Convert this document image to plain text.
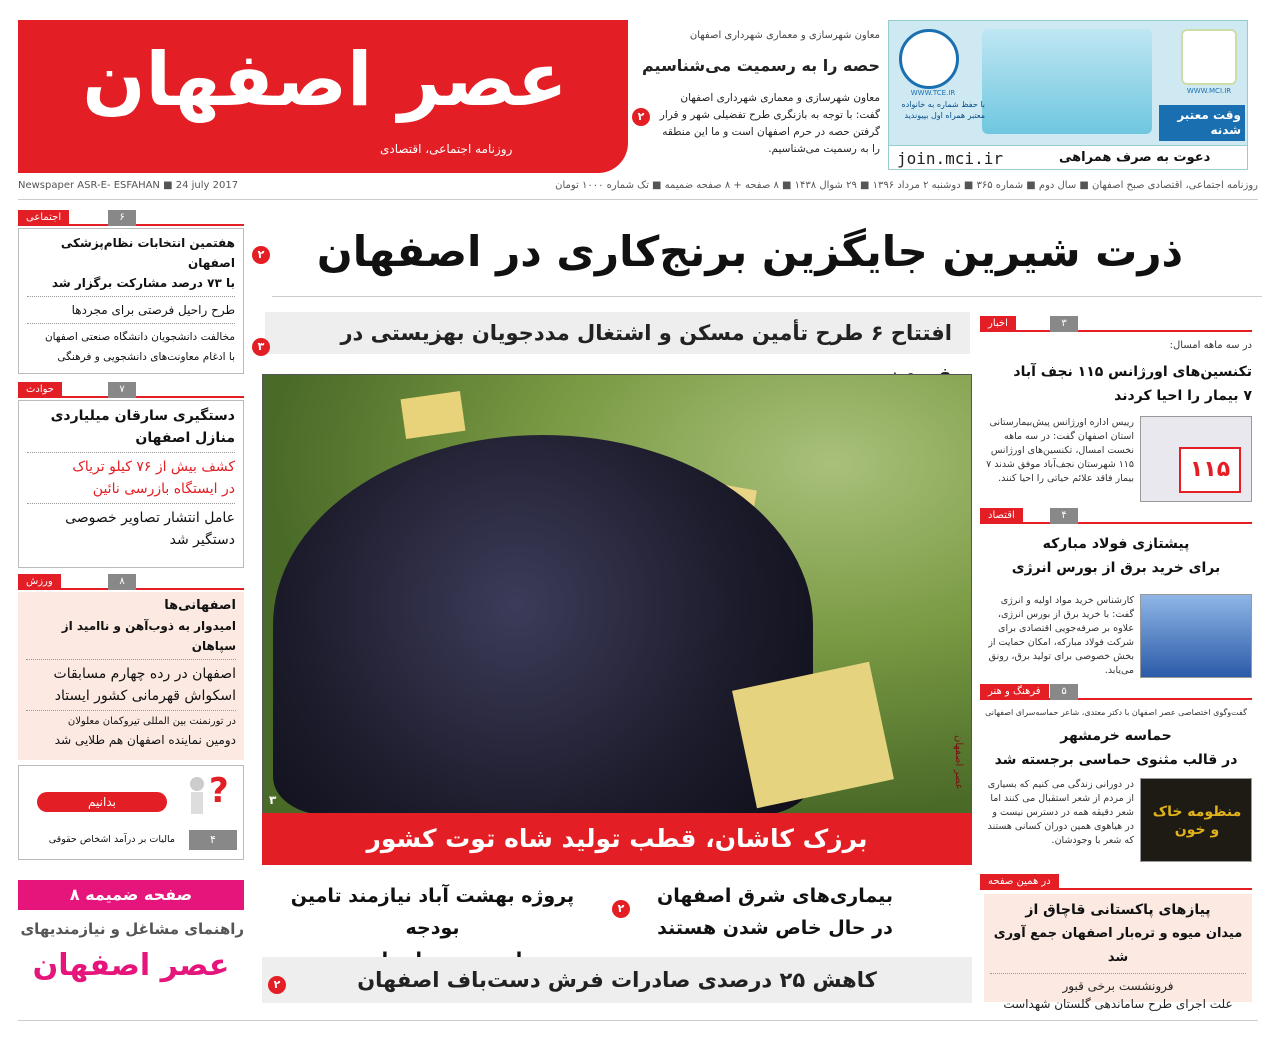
عصر اصفهان
روزنامه اجتماعی، اقتصادی
معاون شهرسازی و معماری شهرداری اصفهان
حصه را به رسمیت می‌شناسیم
معاون شهرسازی و معماری شهرداری اصفهان گفت: با توجه به بازنگری طرح تفضیلی شهر و قرار گرفتن حصه در حرم اصفهان است و ما این منطقه را به رسمیت می‌شناسیم.
۲
WWW.TCE.IR	WWW.MCI.IR
با حفظ شماره به خانواده معتبر همراه اول بپیوندید	وقت معتبر شدنه
join.mci.ir	دعوت به صرف همراهی
Newspaper ASR-E- ESFAHAN ■ 24 july 2017	روزنامه اجتماعی، اقتصادی صبح اصفهان ■ سال دوم ■ شماره ۳۶۵ ■ دوشنبه ۲ مرداد ۱۳۹۶ ■ ۲۹ شوال ۱۴۳۸ ■ ۸ صفحه + ۸ صفحه ضمیمه ■ تک شماره ۱۰۰۰ تومان
اجتماعی	۶
هفتمین انتخابات نظام‌پزشکی اصفهان
با ۷۳ درصد مشارکت برگزار شد
طرح راحیل فرصتی برای مجردها
مخالفت دانشجویان دانشگاه صنعتی اصفهان
با ادغام معاونت‌های دانشجویی و فرهنگی
۲
حوادث	۷
دستگیری سارقان میلیاردی
منازل اصفهان
کشف بیش از ۷۶ کیلو تریاک
در ایستگاه بازرسی نائین
عامل انتشار تصاویر خصوصی
دستگیر شد
ورزش	۸
اصفهانی‌ها
امیدوار به ذوب‌آهن و ناامید از سپاهان
اصفهان در رده چهارم مسابقات
اسکواش قهرمانی کشور ایستاد
در تورنمنت بین المللی تیروکمان معلولان
دومین نماینده اصفهان هم طلایی شد
?
بدانیم
مالیات بر درآمد اشخاص حقوقی	۴
۸ صفحه ضمیمه
راهنمای مشاغل و نیازمندیهای
عصر اصفهان
ذرت شیرین جایگزین برنج‌کاری در اصفهان
افتتاح ۶ طرح تأمین مسکن و اشتغال مددجویان بهزیستی در
۳
عصر اصفهان
۳
برزک کاشان، قطب تولید شاه توت کشور
بیماری‌های شرق اصفهان
در حال خاص شدن هستند
۲
پروژه بهشت آباد نیازمند تامین بودجه
کاهش ۲۵ درصدی صادرات فرش دست‌باف اصفهان
۲
اخبار	۳
در سه ماهه امسال:
تکنسین‌های اورژانس ۱۱۵ نجف آباد
۷ بیمار را احیا کردند
۱۱۵
رییس اداره اورژانس پیش‌بیمارستانی استان اصفهان گفت: در سه ماهه نخست امسال، تکنسین‌های اورژانس ۱۱۵ شهرستان نجف‌آباد موفق شدند ۷ بیمار فاقد علائم حیاتی را احیا کنند.
اقتصاد	۴
پیشتازی فولاد مبارکه
برای خرید برق از بورس انرژی
کارشناس خرید مواد اولیه و انرژی گفت: با خرید برق از بورس انرژی، علاوه بر صرفه‌جویی اقتصادی برای شرکت فولاد مبارکه، امکان حمایت از بخش خصوصی برای تولید برق، رونق می‌یابد.
فرهنگ و هنر	۵
گفت‌وگوی اختصاصی عصر اصفهان با دکتر معتدی، شاعر حماسه‌سرای اصفهانی
حماسه خرمشهر
در قالب مثنوی حماسی برجسته شد
منظومه خاک و خون
در دورانی زندگی می کنیم که بسیاری از مردم از شعر استقبال می کنند اما شعر دقیقه همه در دسترس نیست و در هیاهوی همین دوران کسانی هستند که شعر با وجودشان.
در همین صفحه
پیازهای پاکستانی قاچاق از
میدان میوه و تره‌بار اصفهان جمع آوری شد
فرونشست برخی قبور
علت اجرای طرح ساماندهی گلستان شهداست
